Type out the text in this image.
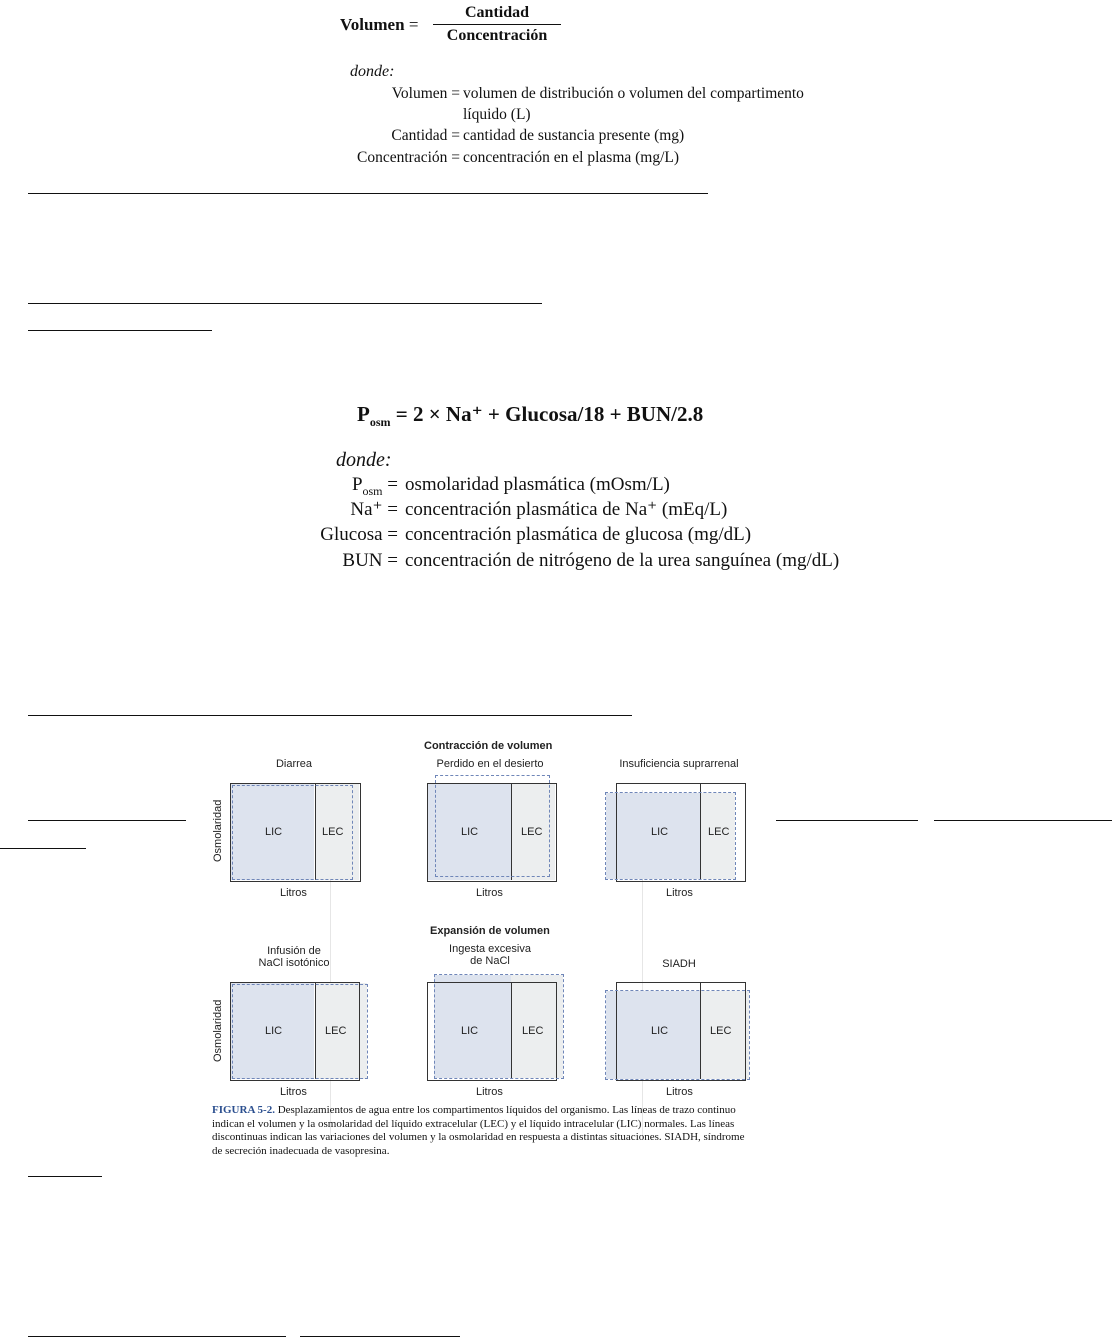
Volumen =
Cantidad
Concentración
donde:
Volumen = volumen de distribución o volumen del compartimento
líquido (L)
Cantidad = cantidad de sustancia presente (mg)
Concentración = concentración en el plasma (mg/L)
$P_{osm} = 2 \times Na^+ + Glucosa/18 + BUN/2.8$
donde:
$P_{osm}$ = osmolaridad plasmática (mOsm/L)
Na⁺ = concentración plasmática de Na⁺ (mEq/L)
Glucosa = concentración plasmática de glucosa (mg/dL)
BUN = concentración de nitrógeno de la urea sanguínea (mg/dL)
Contracción de volumen
Expansión de volumen
Diarrea
Osmolaridad	LIC	LEC
Litros
Perdido en el desierto
LIC	LEC
Litros
Insuficiencia suprarrenal
LIC	LEC
Litros
Infusión de
NaCl isotónico
Osmolaridad	LIC	LEC
Litros
Ingesta excesiva
de NaCl
LIC	LEC
Litros
SIADH
LIC	LEC
Litros
FIGURA 5-2. Desplazamientos de agua entre los compartimentos líquidos del organismo. Las líneas de trazo continuo indican el volumen y la osmolaridad del líquido extracelular (LEC) y el líquido intracelular (LIC) normales. Las líneas discontinuas indican las variaciones del volumen y la osmolaridad en respuesta a distintas situaciones. SIADH, síndrome de secreción inadecuada de vasopresina.
